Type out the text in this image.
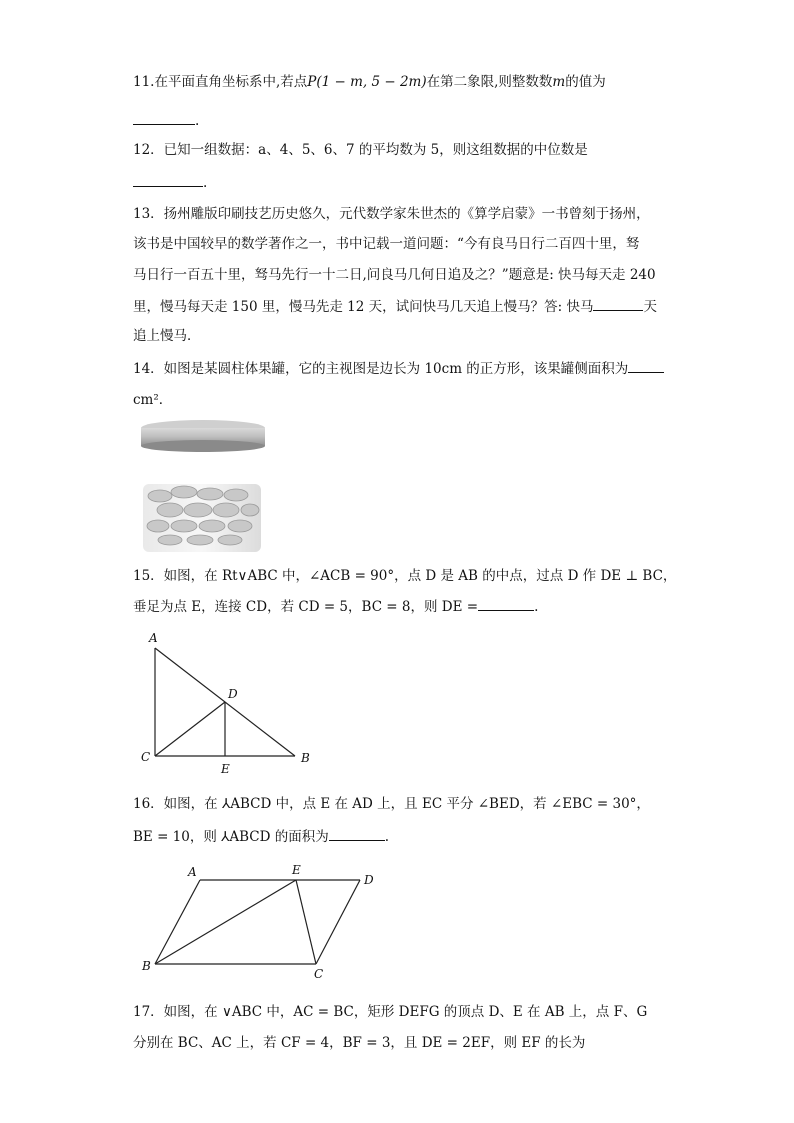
11.在平面直角坐标系中,若点P(1 − m, 5 − 2m)在第二象限,则整数数m的值为
.
12．已知一组数据：a、4、5、6、7 的平均数为 5，则这组数据的中位数是
.
13．扬州雕版印刷技艺历史悠久，元代数学家朱世杰的《算学启蒙》一书曾刻于扬州，
该书是中国较早的数学著作之一，书中记载一道问题：“今有良马日行二百四十里，驽
马日行一百五十里，驽马先行一十二日,问良马几何日追及之？”题意是: 快马每天走 240
里，慢马每天走 150 里，慢马先走 12 天，试问快马几天追上慢马？答: 快马	天
追上慢马．
14．如图是某圆柱体果罐，它的主视图是边长为 10cm 的正方形，该果罐侧面积为
cm²．
15．如图，在 Rt∨ABC 中，∠ACB = 90°，点 D 是 AB 的中点，过点 D 作 DE ⊥ BC，
垂足为点 E，连接 CD，若 CD = 5，BC = 8，则 DE =	.
A
D
C	B
E
16．如图，在 ⅄ABCD 中，点 E 在 AD 上，且 EC 平分 ∠BED，若 ∠EBC = 30°，
BE = 10，则 ⅄ABCD 的面积为	.
A	E
D
B
C
17．如图，在 ∨ABC 中，AC = BC，矩形 DEFG 的顶点 D、E 在 AB 上，点 F、G
分别在 BC、AC 上，若 CF = 4，BF = 3，且 DE = 2EF，则 EF 的长为
